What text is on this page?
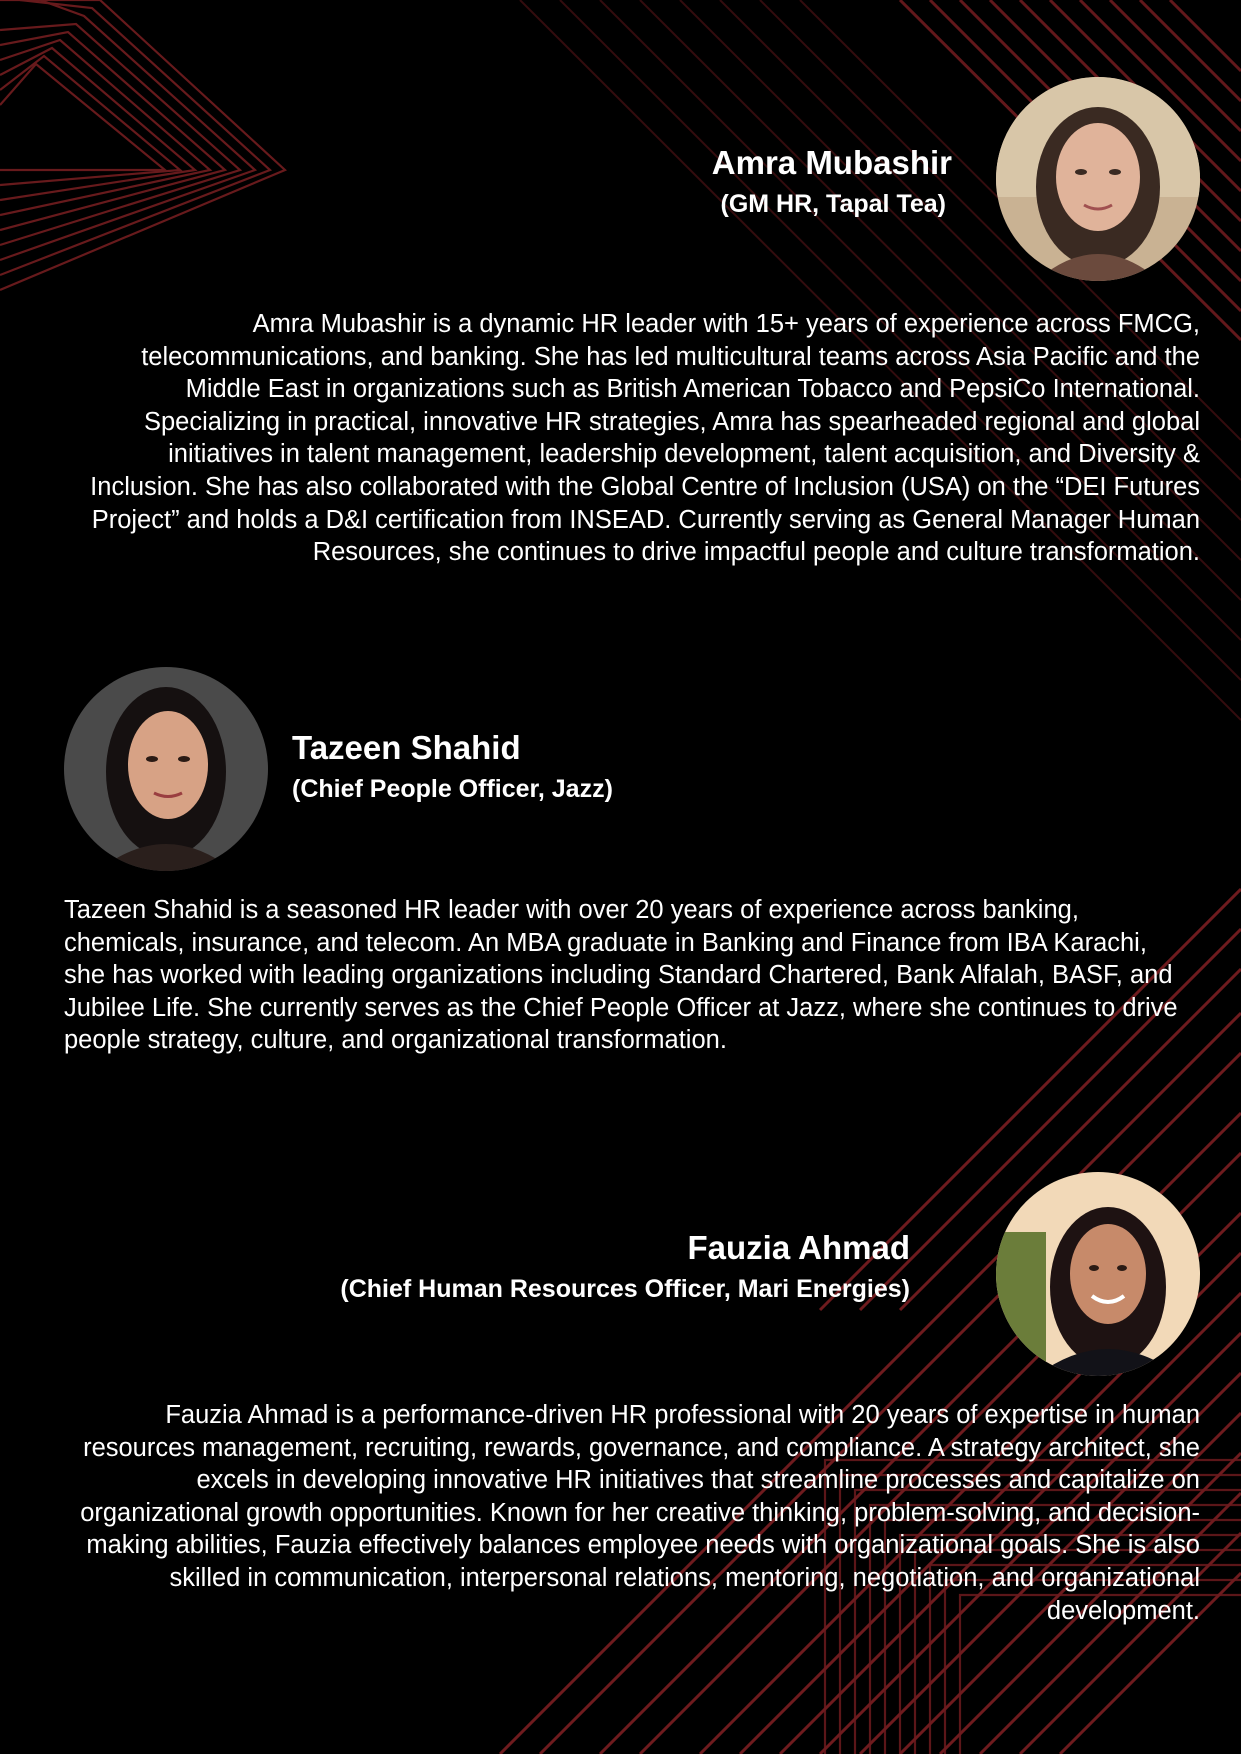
Amra Mubashir
(GM HR, Tapal Tea)
Amra Mubashir is a dynamic HR leader with 15+ years of experience across FMCG, telecommunications, and banking. She has led multicultural teams across Asia Pacific and the Middle East in organizations such as British American Tobacco and PepsiCo International. Specializing in practical, innovative HR strategies, Amra has spearheaded regional and global initiatives in talent management, leadership development, talent acquisition, and Diversity & Inclusion. She has also collaborated with the Global Centre of Inclusion (USA) on the “DEI Futures Project” and holds a D&I certification from INSEAD. Currently serving as General Manager Human Resources, she continues to drive impactful people and culture transformation.
Tazeen Shahid
(Chief People Officer, Jazz)
Tazeen Shahid is a seasoned HR leader with over 20 years of experience across banking, chemicals, insurance, and telecom. An MBA graduate in Banking and Finance from IBA Karachi, she has worked with leading organizations including Standard Chartered, Bank Alfalah, BASF, and Jubilee Life. She currently serves as the Chief People Officer at Jazz, where she continues to drive people strategy, culture, and organizational transformation.
Fauzia Ahmad
(Chief Human Resources Officer, Mari Energies)
Fauzia Ahmad is a performance-driven HR professional with 20 years of expertise in human resources management, recruiting, rewards, governance, and compliance. A strategy architect, she excels in developing innovative HR initiatives that streamline processes and capitalize on organizational growth opportunities. Known for her creative thinking, problem-solving, and decision-making abilities, Fauzia effectively balances employee needs with organizational goals. She is also skilled in communication, interpersonal relations, mentoring, negotiation, and organizational development.
